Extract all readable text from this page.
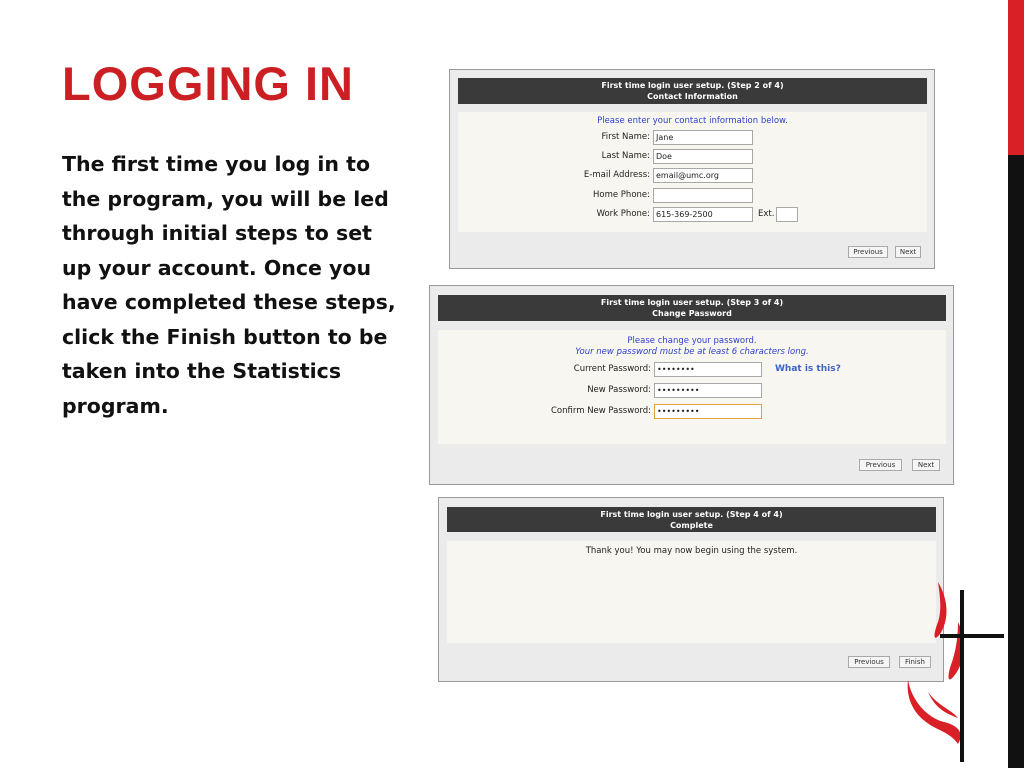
LOGGING IN
The first time you log in to the program, you will be led through initial steps to set up your account. Once you have completed these steps, click the Finish button to be taken into the Statistics program.
First time login user setup. (Step 2 of 4)
Contact Information
Please enter your contact information below.
First Name: Jane
Last Name: Doe
E-mail Address: email@umc.org
Home Phone:
Work Phone: 615-369-2500	Ext.
Previous	Next
First time login user setup. (Step 3 of 4)
Change Password
Please change your password.
Your new password must be at least 6 characters long.
Current Password: ••••••••	What is this?
New Password: •••••••••
Confirm New Password: •••••••••
Previous	Next
First time login user setup. (Step 4 of 4)
Complete
Thank you! You may now begin using the system.
Previous	Finish
